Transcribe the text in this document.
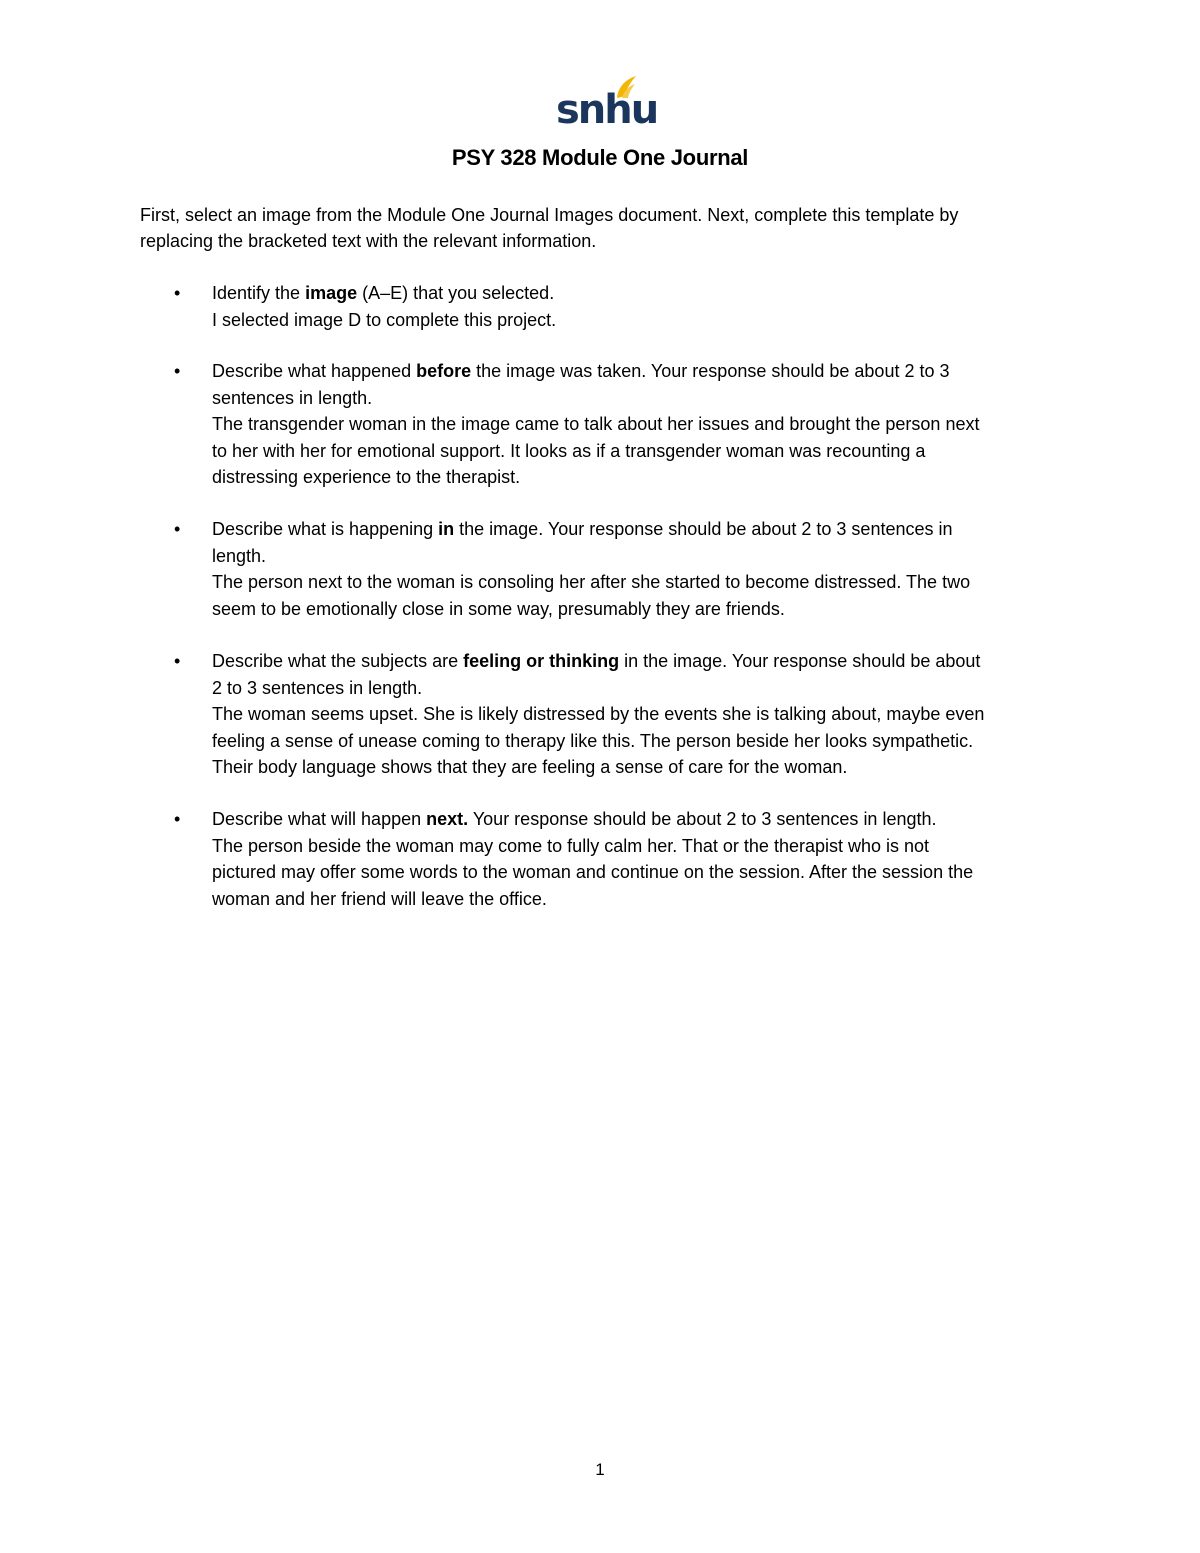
snhu
PSY 328 Module One Journal

First, select an image from the Module One Journal Images document. Next, complete this template by

replacing the bracketed text with the relevant information.

• Identify the image (A–E) that you selected.

I selected image D to complete this project.

• Describe what happened before the image was taken. Your response should be about 2 to 3

sentences in length.

The transgender woman in the image came to talk about her issues and brought the person next

to her with her for emotional support. It looks as if a transgender woman was recounting a

distressing experience to the therapist.

• Describe what is happening in the image. Your response should be about 2 to 3 sentences in

length.

The person next to the woman is consoling her after she started to become distressed. The two

seem to be emotionally close in some way, presumably they are friends.

• Describe what the subjects are feeling or thinking in the image. Your response should be about

2 to 3 sentences in length.

The woman seems upset. She is likely distressed by the events she is talking about, maybe even

feeling a sense of unease coming to therapy like this. The person beside her looks sympathetic.

Their body language shows that they are feeling a sense of care for the woman.

• Describe what will happen next. Your response should be about 2 to 3 sentences in length.

The person beside the woman may come to fully calm her. That or the therapist who is not

pictured may offer some words to the woman and continue on the session. After the session the

woman and her friend will leave the office.

1
